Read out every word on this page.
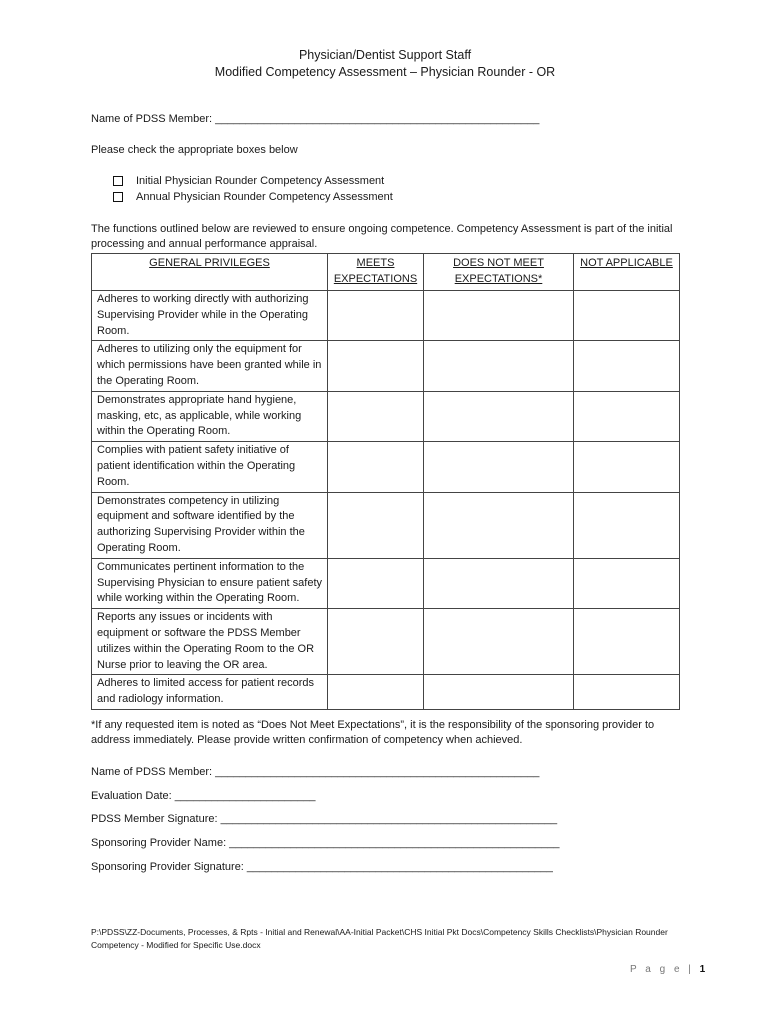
Physician/Dentist Support Staff
Modified Competency Assessment – Physician Rounder - OR
Name of PDSS Member: _____________________________________________________
Please check the appropriate boxes below
Initial Physician Rounder Competency Assessment
Annual Physician Rounder Competency Assessment
The functions outlined below are reviewed to ensure ongoing competence. Competency Assessment is part of the initial processing and annual performance appraisal.
GENERAL PRIVILEGES	MEETS EXPECTATIONS	DOES NOT MEET EXPECTATIONS*	NOT APPLICABLE
Adheres to working directly with authorizing Supervising Provider while in the Operating Room.			
Adheres to utilizing only the equipment for which permissions have been granted while in the Operating Room.			
Demonstrates appropriate hand hygiene, masking, etc, as applicable, while working within the Operating Room.			
Complies with patient safety initiative of patient identification within the Operating Room.			
Demonstrates competency in utilizing equipment and software identified by the authorizing Supervising Provider within the Operating Room.			
Communicates pertinent information to the Supervising Physician to ensure patient safety while working within the Operating Room.			
Reports any issues or incidents with equipment or software the PDSS Member utilizes within the Operating Room to the OR Nurse prior to leaving the OR area.			
Adheres to limited access for patient records and radiology information.			
*If any requested item is noted as “Does Not Meet Expectations”, it is the responsibility of the sponsoring provider to address immediately. Please provide written confirmation of competency when achieved.
Name of PDSS Member: _____________________________________________________
Evaluation Date: _______________________
PDSS Member Signature: _______________________________________________________
Sponsoring Provider Name: ______________________________________________________
Sponsoring Provider Signature: __________________________________________________
P:\PDSS\ZZ-Documents, Processes, & Rpts - Initial and Renewal\AA-Initial Packet\CHS Initial Pkt Docs\Competency Skills Checklists\Physician Rounder Competency - Modified for Specific Use.docx
P a g e | 1
